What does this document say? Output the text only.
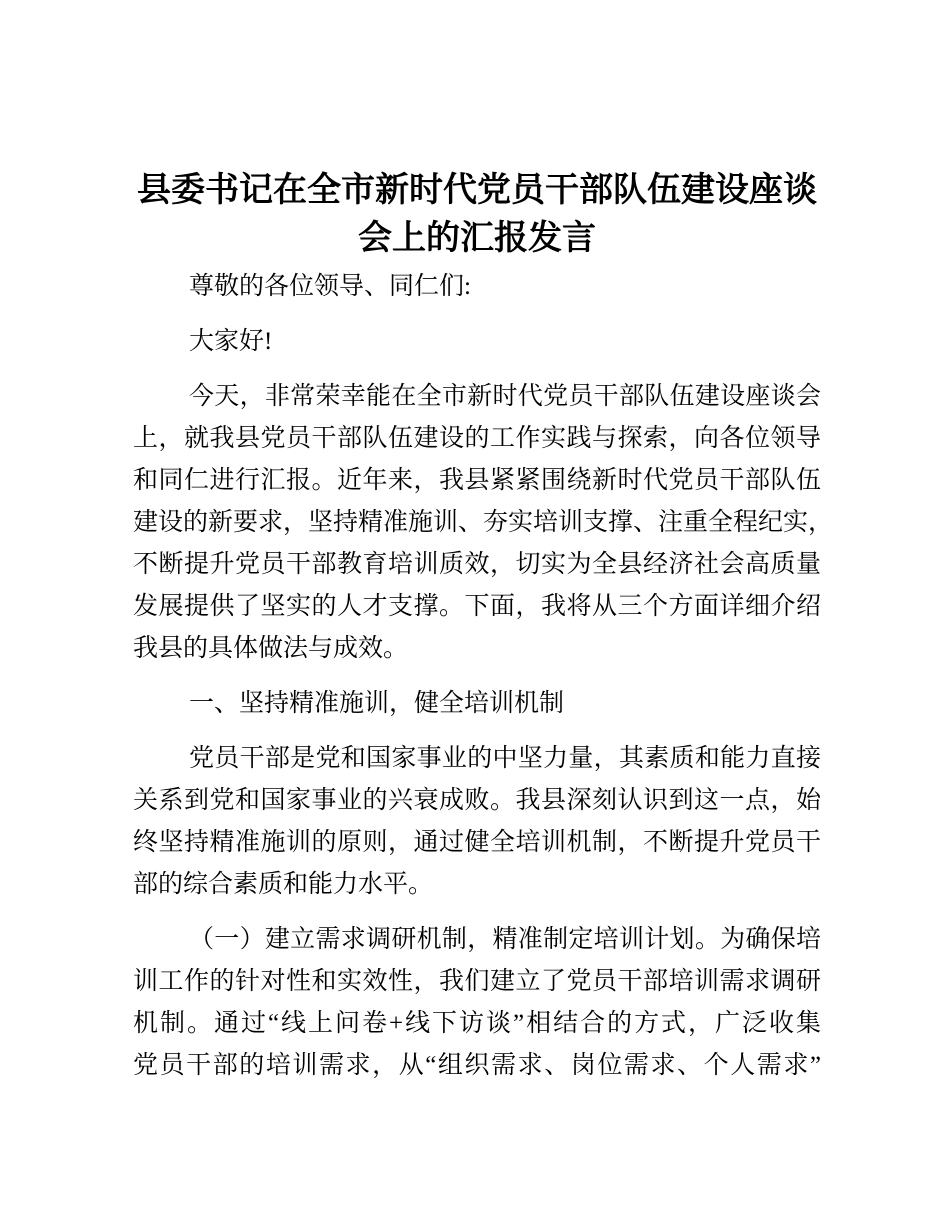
县委书记在全市新时代党员干部队伍建设座谈
会上的汇报发言
尊敬的各位领导、同仁们:
大家好!
今天，非常荣幸能在全市新时代党员干部队伍建设座谈会
上，就我县党员干部队伍建设的工作实践与探索，向各位领导
和同仁进行汇报。近年来，我县紧紧围绕新时代党员干部队伍
建设的新要求，坚持精准施训、夯实培训支撑、注重全程纪实，
不断提升党员干部教育培训质效，切实为全县经济社会高质量
发展提供了坚实的人才支撑。下面，我将从三个方面详细介绍
我县的具体做法与成效。
一、坚持精准施训，健全培训机制
党员干部是党和国家事业的中坚力量，其素质和能力直接
关系到党和国家事业的兴衰成败。我县深刻认识到这一点，始
终坚持精准施训的原则，通过健全培训机制，不断提升党员干
部的综合素质和能力水平。
（一）建立需求调研机制，精准制定培训计划。为确保培
训工作的针对性和实效性，我们建立了党员干部培训需求调研
机制。通过“线上问卷+线下访谈”相结合的方式，广泛收集
党员干部的培训需求，从“组织需求、岗位需求、个人需求”
